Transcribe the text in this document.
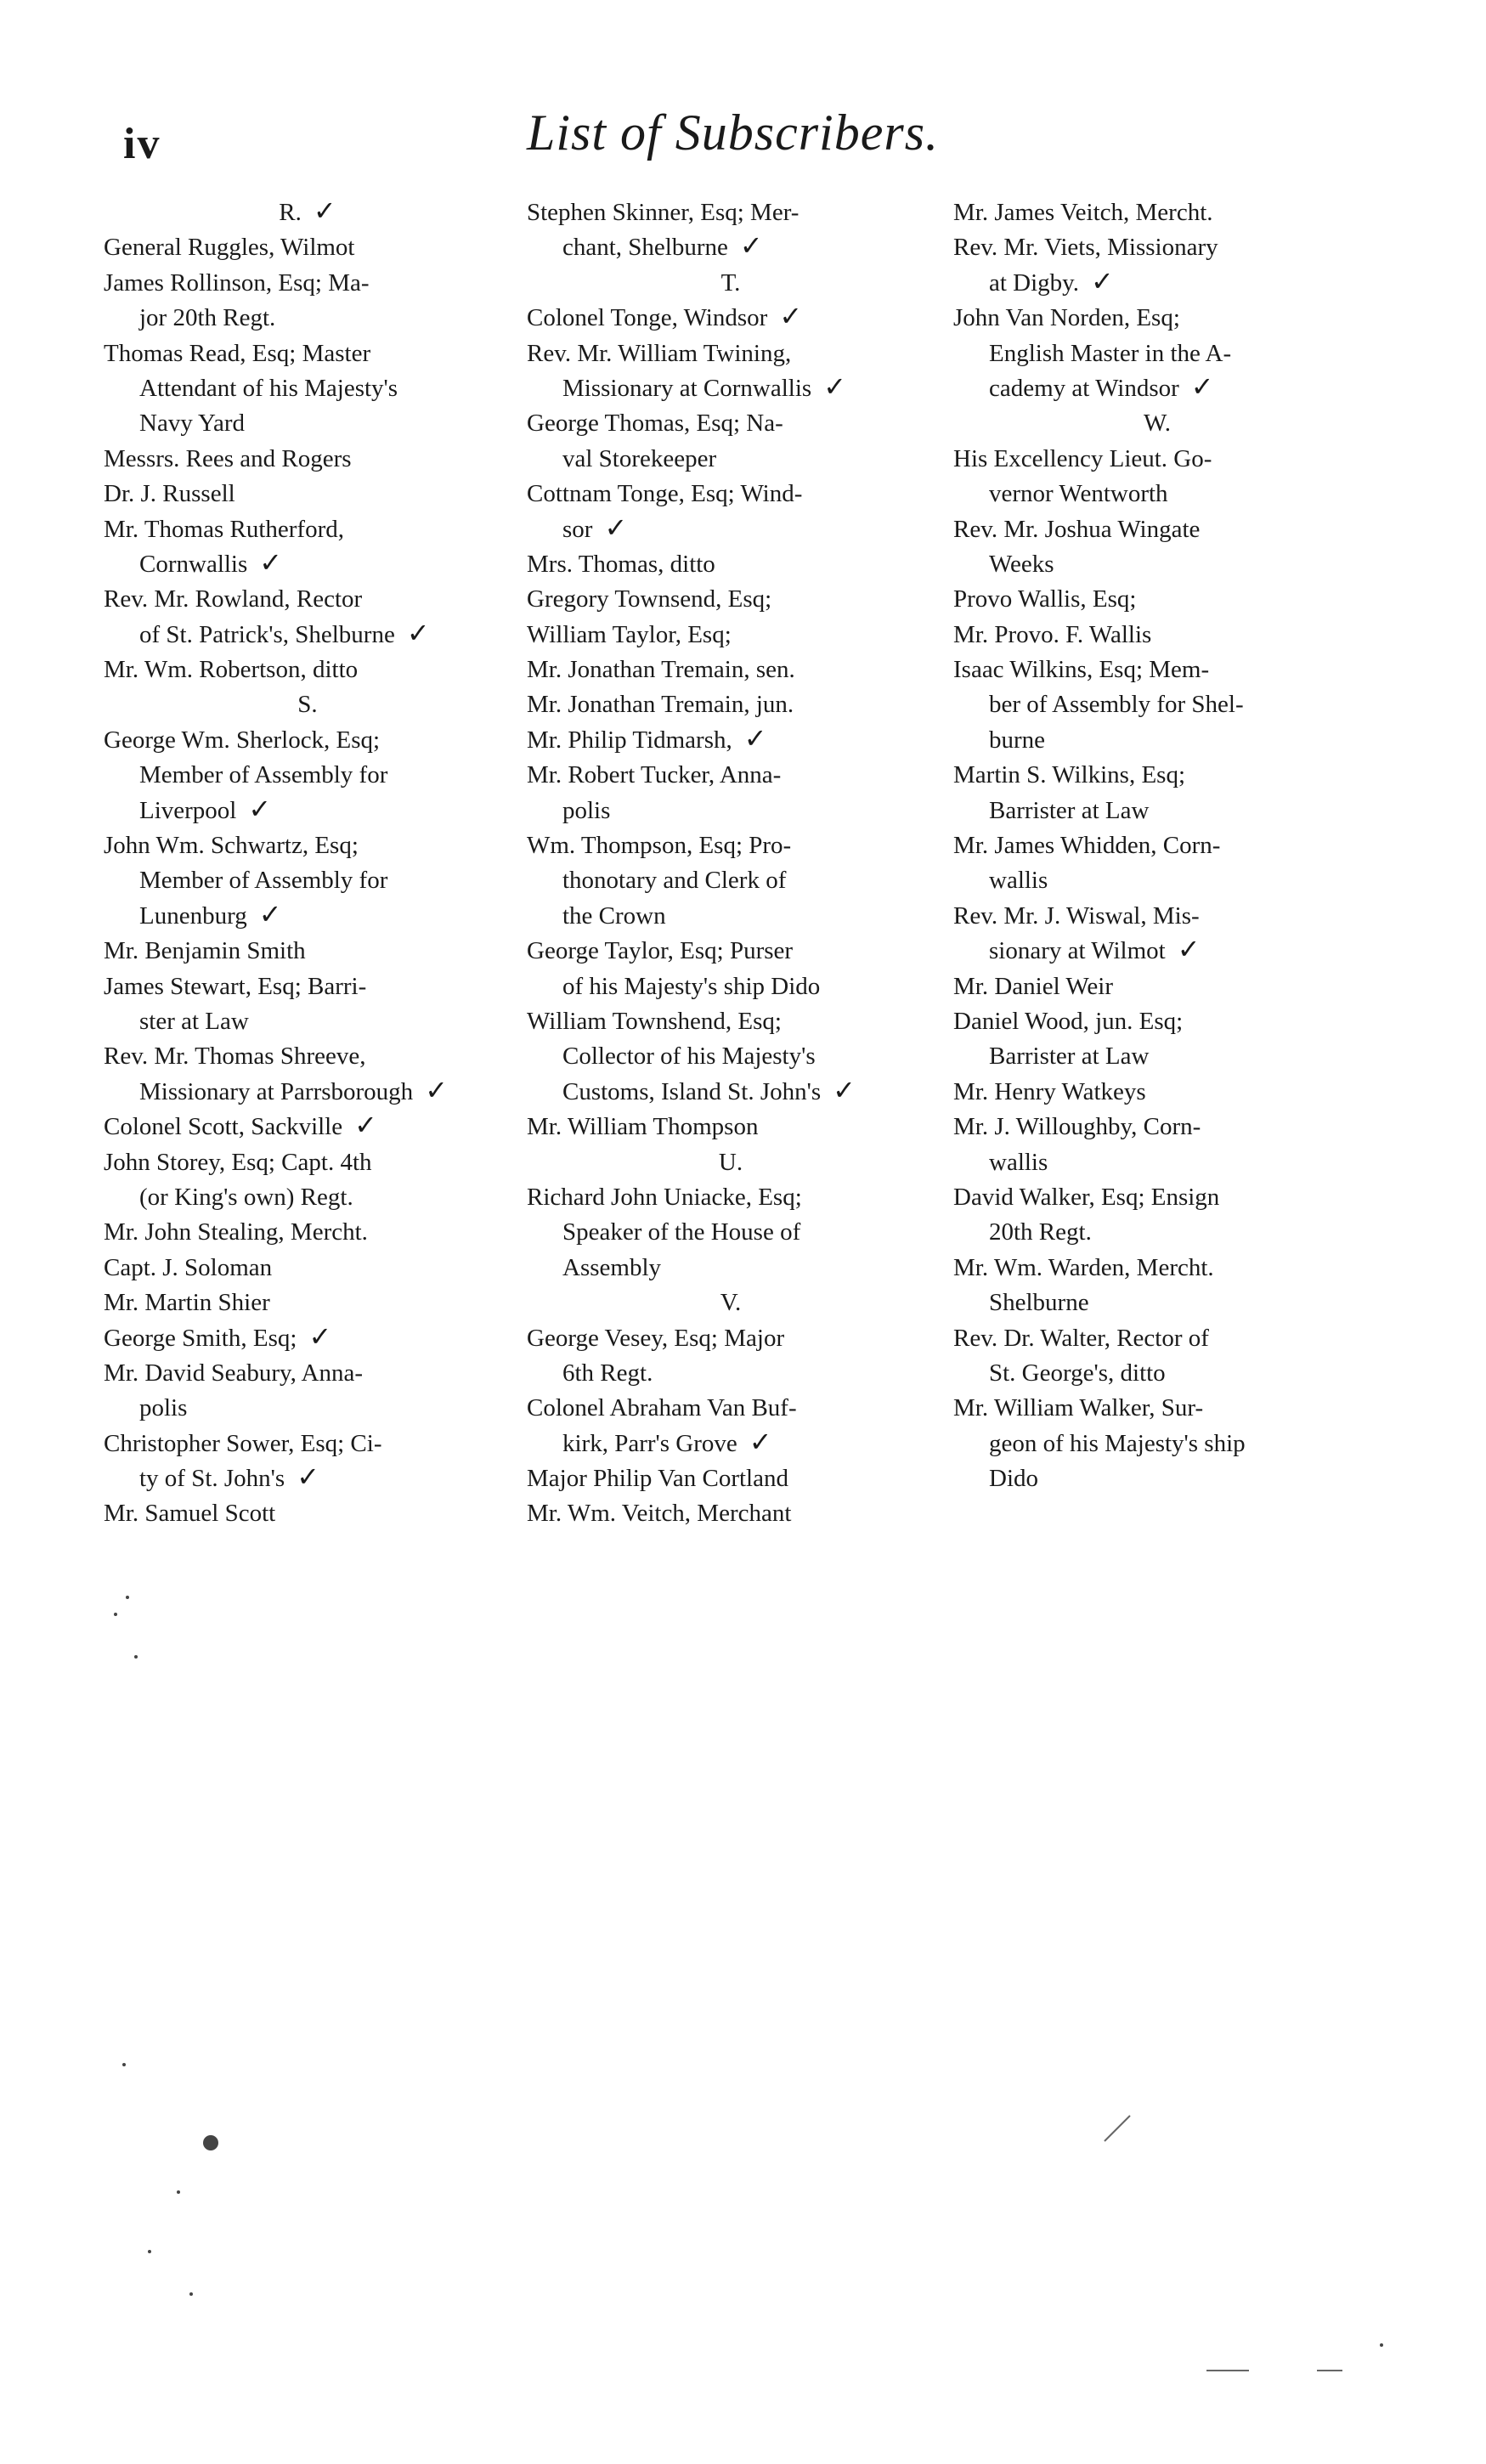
iv	List of Subscribers.
R. ✓
General Ruggles, Wilmot
James Rollinson, Esq; Ma-
jor 20th Regt.
Thomas Read, Esq; Master
Attendant of his Majesty's
Navy Yard
Messrs. Rees and Rogers
Dr. J. Russell
Mr. Thomas Rutherford,
Cornwallis ✓
Rev. Mr. Rowland, Rector
of St. Patrick's, Shelburne ✓
Mr. Wm. Robertson, ditto
S.
George Wm. Sherlock, Esq;
Member of Assembly for
Liverpool ✓
John Wm. Schwartz, Esq;
Member of Assembly for
Lunenburg ✓
Mr. Benjamin Smith
James Stewart, Esq; Barri-
ster at Law
Rev. Mr. Thomas Shreeve,
Missionary at Parrsborough ✓
Colonel Scott, Sackville ✓
John Storey, Esq; Capt. 4th
(or King's own) Regt.
Mr. John Stealing, Mercht.
Capt. J. Soloman
Mr. Martin Shier
George Smith, Esq; ✓
Mr. David Seabury, Anna-
polis
Christopher Sower, Esq; Ci-
ty of St. John's ✓
Mr. Samuel Scott
Stephen Skinner, Esq; Mer-
chant, Shelburne ✓
T.
Colonel Tonge, Windsor ✓
Rev. Mr. William Twining,
Missionary at Cornwallis ✓
George Thomas, Esq; Na-
val Storekeeper
Cottnam Tonge, Esq; Wind-
sor ✓
Mrs. Thomas, ditto
Gregory Townsend, Esq;
William Taylor, Esq;
Mr. Jonathan Tremain, sen.
Mr. Jonathan Tremain, jun.
Mr. Philip Tidmarsh, ✓
Mr. Robert Tucker, Anna-
polis
Wm. Thompson, Esq; Pro-
thonotary and Clerk of
the Crown
George Taylor, Esq; Purser
of his Majesty's ship Dido
William Townshend, Esq;
Collector of his Majesty's
Customs, Island St. John's ✓
Mr. William Thompson
U.
Richard John Uniacke, Esq;
Speaker of the House of
Assembly
V.
George Vesey, Esq; Major
6th Regt.
Colonel Abraham Van Buf-
kirk, Parr's Grove ✓
Major Philip Van Cortland
Mr. Wm. Veitch, Merchant
Mr. James Veitch, Mercht.
Rev. Mr. Viets, Missionary
at Digby. ✓
John Van Norden, Esq;
English Master in the A-
cademy at Windsor ✓
W.
His Excellency Lieut. Go-
vernor Wentworth
Rev. Mr. Joshua Wingate
Weeks
Provo Wallis, Esq;
Mr. Provo. F. Wallis
Isaac Wilkins, Esq; Mem-
ber of Assembly for Shel-
burne
Martin S. Wilkins, Esq;
Barrister at Law
Mr. James Whidden, Corn-
wallis
Rev. Mr. J. Wiswal, Mis-
sionary at Wilmot ✓
Mr. Daniel Weir
Daniel Wood, jun. Esq;
Barrister at Law
Mr. Henry Watkeys
Mr. J. Willoughby, Corn-
wallis
David Walker, Esq; Ensign
20th Regt.
Mr. Wm. Warden, Mercht.
Shelburne
Rev. Dr. Walter, Rector of
St. George's, ditto
Mr. William Walker, Sur-
geon of his Majesty's ship
Dido
